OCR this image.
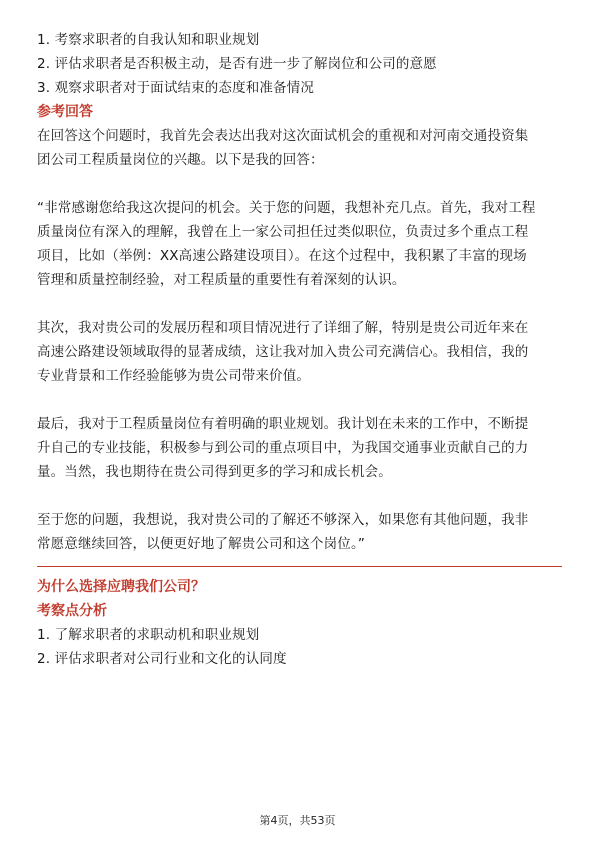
1. 考察求职者的自我认知和职业规划
2. 评估求职者是否积极主动，是否有进一步了解岗位和公司的意愿
3. 观察求职者对于面试结束的态度和准备情况
参考回答
在回答这个问题时，我首先会表达出我对这次面试机会的重视和对河南交通投资集
团公司工程质量岗位的兴趣。以下是我的回答：
“非常感谢您给我这次提问的机会。关于您的问题，我想补充几点。首先，我对工程
质量岗位有深入的理解，我曾在上一家公司担任过类似职位，负责过多个重点工程
项目，比如（举例：XX高速公路建设项目）。在这个过程中，我积累了丰富的现场
管理和质量控制经验，对工程质量的重要性有着深刻的认识。
其次，我对贵公司的发展历程和项目情况进行了详细了解，特别是贵公司近年来在
高速公路建设领域取得的显著成绩，这让我对加入贵公司充满信心。我相信，我的
专业背景和工作经验能够为贵公司带来价值。
最后，我对于工程质量岗位有着明确的职业规划。我计划在未来的工作中，不断提
升自己的专业技能，积极参与到公司的重点项目中，为我国交通事业贡献自己的力
量。当然，我也期待在贵公司得到更多的学习和成长机会。
至于您的问题，我想说，我对贵公司的了解还不够深入，如果您有其他问题，我非
常愿意继续回答，以便更好地了解贵公司和这个岗位。”
为什么选择应聘我们公司？
考察点分析
1. 了解求职者的求职动机和职业规划
2. 评估求职者对公司行业和文化的认同度
第4页，共53页
